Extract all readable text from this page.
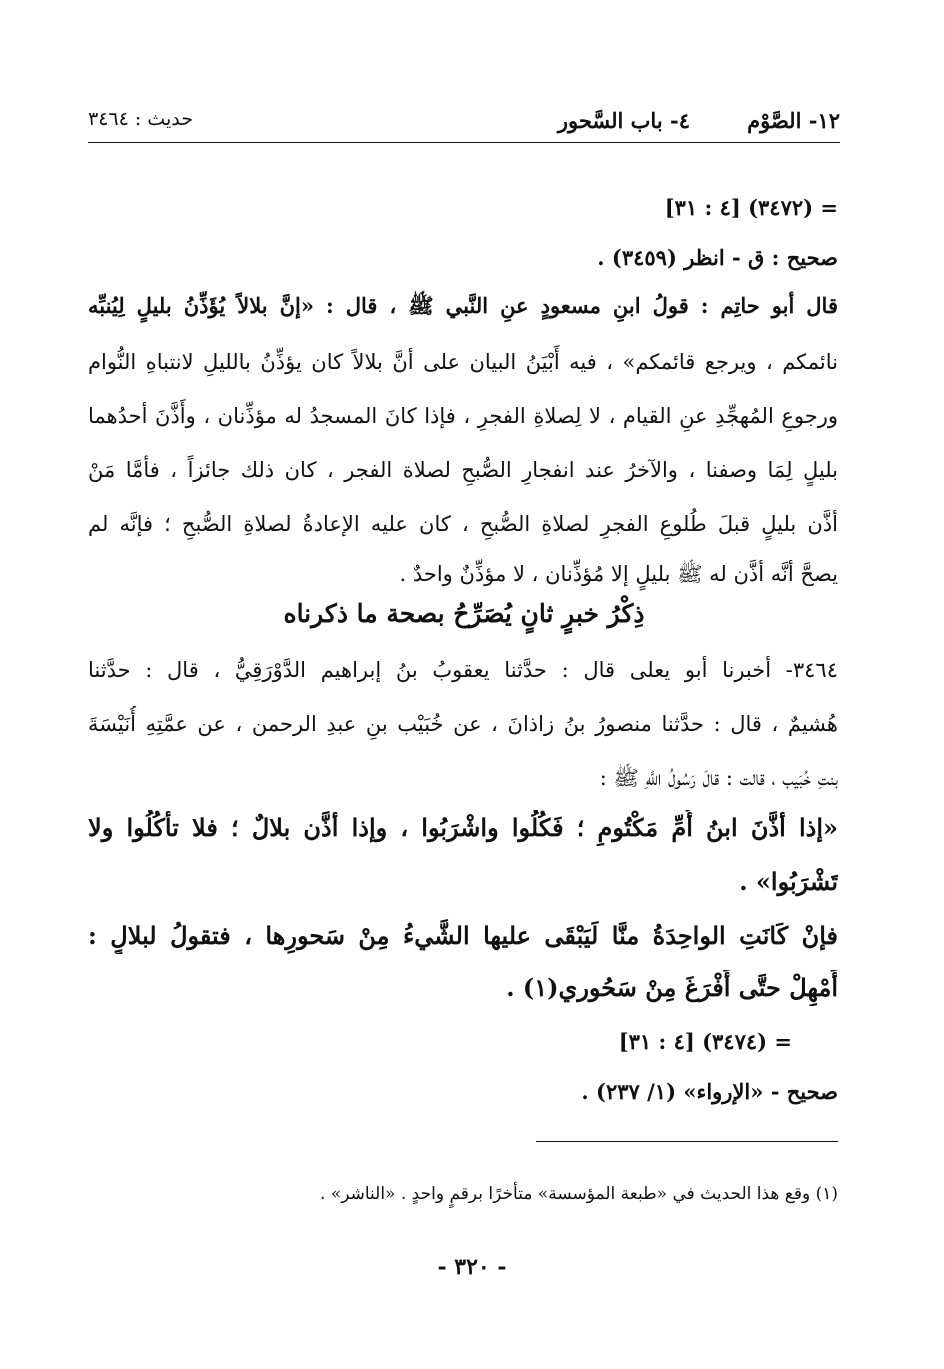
١٢- الصَّوْم
٤- باب السَّحور
حديث : ٣٤٦٤
= (٣٤٧٢) [٤ : ٣١]
صحيح : ق - انظر (٣٤٥٩) .
قال أبو حاتِم : قولُ ابنِ مسعودٍ عنِ النَّبي ﷺ ، قال : «إنَّ بلالاً يُؤَذِّنُ بليلٍ لِيُنبِّه
نائمكم ، ويرجع قائمكم» ، فيه أَبْيَنُ البيان على أنَّ بلالاً كان يؤذِّنُ بالليلِ لانتباهِ النُّوام
ورجوعِ المُهجِّدِ عنِ القيام ، لا لِصلاةِ الفجرِ ، فإذا كانَ المسجدُ له مؤذِّنان ، وأَذَّنَ أحدُهما
بليلٍ لِمَا وصفنا ، والآخرُ عند انفجارِ الصُّبحِ لصلاة الفجر ، كان ذلك جائزاً ، فأمَّا مَنْ
أذَّن بليلٍ قبلَ طُلوعِ الفجرِ لصلاةِ الصُّبحِ ، كان عليه الإعادةُ لصلاةِ الصُّبحِ ؛ فإنَّه لم
يصحَّ أنَّه أذَّن له ﷺ بليلٍ إلا مُؤذِّنان ، لا مؤذِّنٌ واحدٌ .
ذِكْرُ خبرٍ ثانٍ يُصَرِّحُ بصحة ما ذكرناه
٣٤٦٤- أخبرنا أبو يعلى قال : حدَّثنا يعقوبُ بنُ إبراهيم الدَّوْرَقِيُّ ، قال : حدَّثنا
هُشيمٌ ، قال : حدَّثنا منصورُ بنُ زاذانَ ، عن خُبَيْب بنِ عبدِ الرحمن ، عن عمَّتِهِ أُنَيْسَةَ
بنتِ خُبَيب ، قالت : قالَ رَسُولُ اللَّهِ ﷺ :
«إذا أذَّنَ ابنُ أُمِّ مَكْتُومٍ ؛ فَكُلُوا واشْرَبُوا ، وإذا أذَّن بلالٌ ؛ فلا تأكُلُوا ولا
تَشْرَبُوا» .
فإنْ كَانَتِ الواحِدَةُ منَّا لَيَبْقَى عليها الشَّيءُ مِنْ سَحورِها ، فتقولُ لبلالٍ :
أَمْهِلْ حتَّى أَفْرَغَ مِنْ سَحُوري(١) .
= (٣٤٧٤) [٤ : ٣١]
صحيح - «الإرواء» (١/ ٢٣٧) .
(١) وقع هذا الحديث في «طبعة المؤسسة» متأخرًا برقمٍ واحدٍ . «الناشر» .
- ٣٢٠ -
